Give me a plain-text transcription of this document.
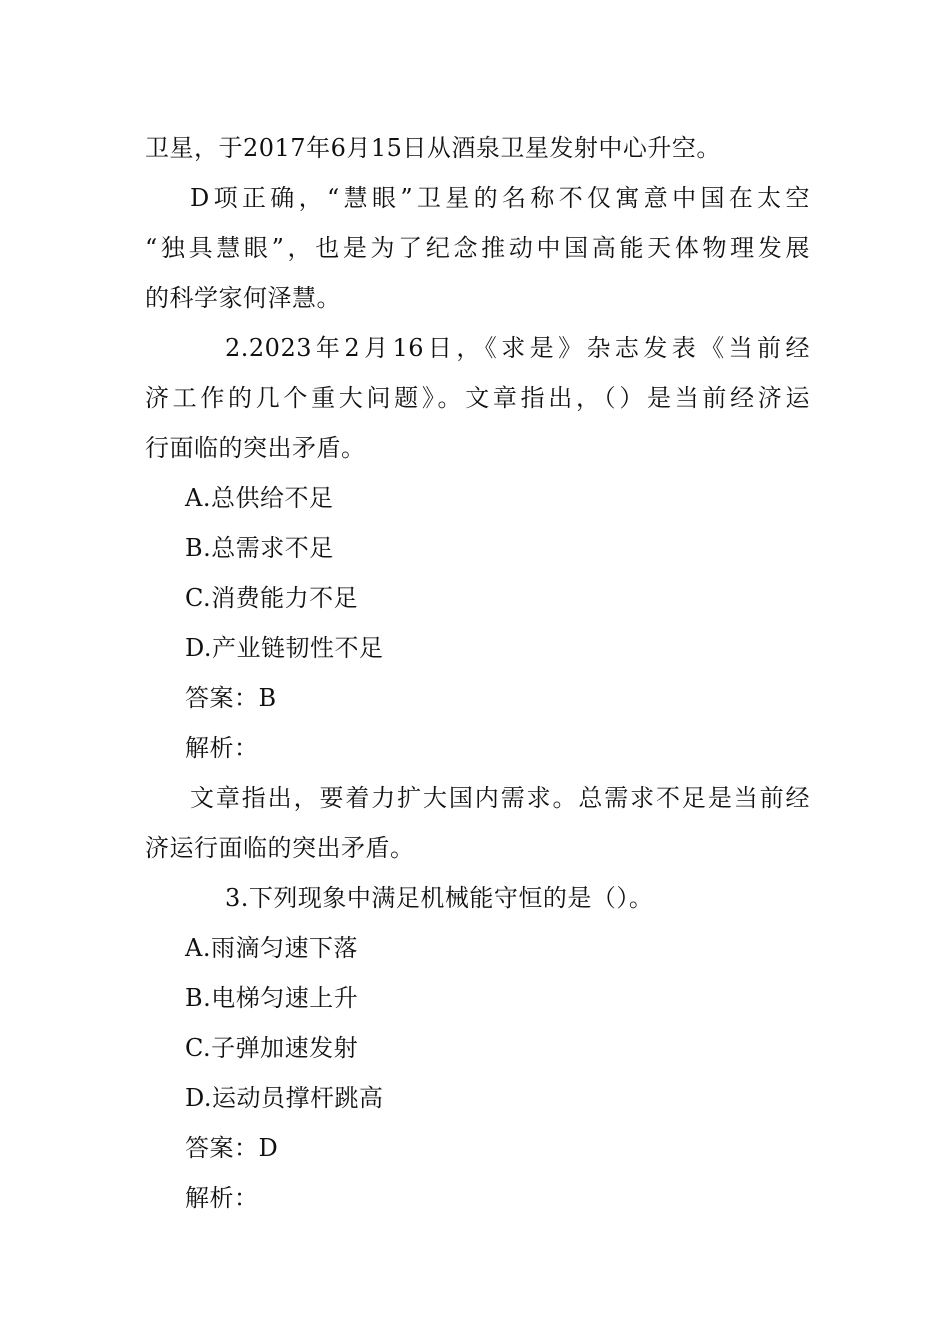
卫星，于2017年6月15日从酒泉卫星发射中心升空。
D项正确，“慧眼”卫星的名称不仅寓意中国在太空
“独具慧眼”，也是为了纪念推动中国高能天体物理发展
的科学家何泽慧。
2.2023年2月16日，《求是》杂志发表《当前经
济工作的几个重大问题》。文章指出，（）是当前经济运
行面临的突出矛盾。
A.总供给不足
B.总需求不足
C.消费能力不足
D.产业链韧性不足
答案：B
解析：
文章指出，要着力扩大国内需求。总需求不足是当前经
济运行面临的突出矛盾。
3.下列现象中满足机械能守恒的是（）。
A.雨滴匀速下落
B.电梯匀速上升
C.子弹加速发射
D.运动员撑杆跳高
答案：D
解析：
